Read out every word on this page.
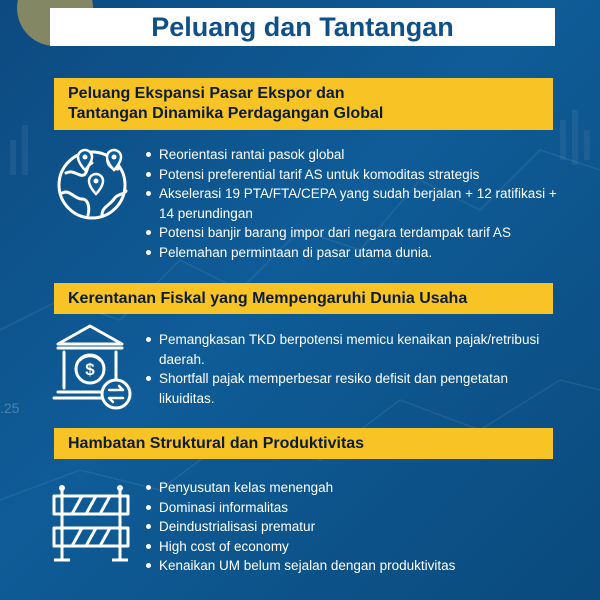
.25
Peluang dan Tantangan
Peluang Ekspansi Pasar Ekspor dan
Tantangan Dinamika Perdagangan Global
Reorientasi rantai pasok global
Potensi preferential tarif AS untuk komoditas strategis
Akselerasi 19 PTA/FTA/CEPA yang sudah berjalan + 12 ratifikasi + 14 perundingan
Potensi banjir barang impor dari negara terdampak tarif AS
Pelemahan permintaan di pasar utama dunia.
Kerentanan Fiskal yang Mempengaruhi Dunia Usaha
$
Pemangkasan TKD berpotensi memicu kenaikan pajak/retribusi daerah.
Shortfall pajak memperbesar resiko defisit dan pengetatan likuiditas.
Hambatan Struktural dan Produktivitas
Penyusutan kelas menengah
Dominasi informalitas
Deindustrialisasi prematur
High cost of economy
Kenaikan UM belum sejalan dengan produktivitas
